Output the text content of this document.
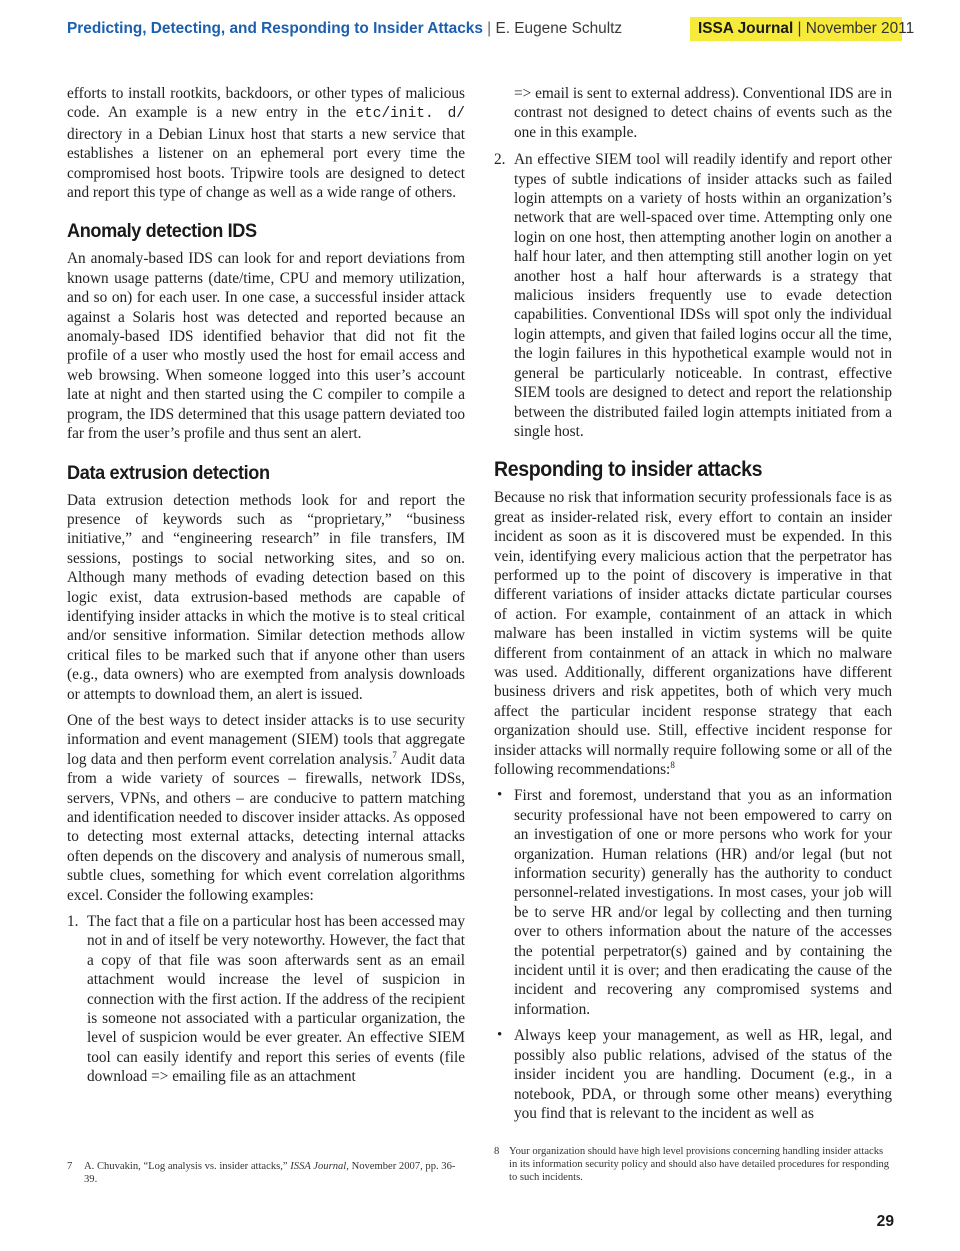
Predicting, Detecting, and Responding to Insider Attacks | E. Eugene Schultz	ISSA Journal | November 2011

efforts to install rootkits, backdoors, or other types of malicious code. An example is a new entry in the etc/init. d/ directory in a Debian Linux host that starts a new service that establishes a listener on an ephemeral port every time the compromised host boots. Tripwire tools are designed to detect and report this type of change as well as a wide range of others.

Anomaly detection IDS

An anomaly-based IDS can look for and report deviations from known usage patterns (date/time, CPU and memory utilization, and so on) for each user. In one case, a successful insider attack against a Solaris host was detected and reported because an anomaly-based IDS identified behavior that did not fit the profile of a user who mostly used the host for email access and web browsing. When someone logged into this user’s account late at night and then started using the C compiler to compile a program, the IDS determined that this usage pattern deviated too far from the user’s profile and thus sent an alert.

Data extrusion detection

Data extrusion detection methods look for and report the presence of keywords such as “proprietary,” “business initiative,” and “engineering research” in file transfers, IM sessions, postings to social networking sites, and so on. Although many methods of evading detection based on this logic exist, data extrusion-based methods are capable of identifying insider attacks in which the motive is to steal critical and/or sensitive information. Similar detection methods allow critical files to be marked such that if anyone other than users (e.g., data owners) who are exempted from analysis downloads or attempts to download them, an alert is issued.

One of the best ways to detect insider attacks is to use security information and event management (SIEM) tools that aggregate log data and then perform event correlation analysis.$^7$ Audit data from a wide variety of sources – firewalls, network IDSs, servers, VPNs, and others – are conducive to pattern matching and identification needed to discover insider attacks. As opposed to detecting most external attacks, detecting internal attacks often depends on the discovery and analysis of numerous small, subtle clues, something for which event correlation algorithms excel. Consider the following examples:

1. The fact that a file on a particular host has been accessed may not in and of itself be very noteworthy. However, the fact that a copy of that file was soon afterwards sent as an email attachment would increase the level of suspicion in connection with the first action. If the address of the recipient is someone not associated with a particular organization, the level of suspicion would be ever greater. An effective SIEM tool can easily identify and report this series of events (file download => emailing file as an attachment
=> email is sent to external address). Conventional IDS are in contrast not designed to detect chains of events such as the one in this example.
2. An effective SIEM tool will readily identify and report other types of subtle indications of insider attacks such as failed login attempts on a variety of hosts within an organization’s network that are well-spaced over time. Attempting only one login on one host, then attempting another login on another a half hour later, and then attempting still another login on yet another host a half hour afterwards is a strategy that malicious insiders frequently use to evade detection capabilities. Conventional IDSs will spot only the individual login attempts, and given that failed logins occur all the time, the login failures in this hypothetical example would not in general be particularly noticeable. In contrast, effective SIEM tools are designed to detect and report the relationship between the distributed failed login attempts initiated from a single host.
Responding to insider attacks

Because no risk that information security professionals face is as great as insider-related risk, every effort to contain an insider incident as soon as it is discovered must be expended. In this vein, identifying every malicious action that the perpetrator has performed up to the point of discovery is imperative in that different variations of insider attacks dictate particular courses of action. For example, containment of an attack in which malware has been installed in victim systems will be quite different from containment of an attack in which no malware was used. Additionally, different organizations have different business drivers and risk appetites, both of which very much affect the particular incident response strategy that each organization should use. Still, effective incident response for insider attacks will normally require following some or all of the following recommendations:$^8$

• First and foremost, understand that you as an information security professional have not been empowered to carry on an investigation of one or more persons who work for your organization. Human relations (HR) and/or legal (but not information security) generally has the authority to conduct personnel-related investigations. In most cases, your job will be to serve HR and/or legal by collecting and then turning over to others information about the nature of the accesses the potential perpetrator(s) gained and by containing the incident until it is over; and then eradicating the cause of the incident and recovering any compromised systems and information.
• Always keep your management, as well as HR, legal, and possibly also public relations, advised of the status of the insider incident you are handling. Document (e.g., in a notebook, PDA, or through some other means) everything you find that is relevant to the incident as well as
7 A. Chuvakin, “Log analysis vs. insider attacks,” ISSA Journal, November 2007, pp. 36-39.
8 Your organization should have high level provisions concerning handling insider attacks in its information security policy and should also have detailed procedures for responding to such incidents.
29
